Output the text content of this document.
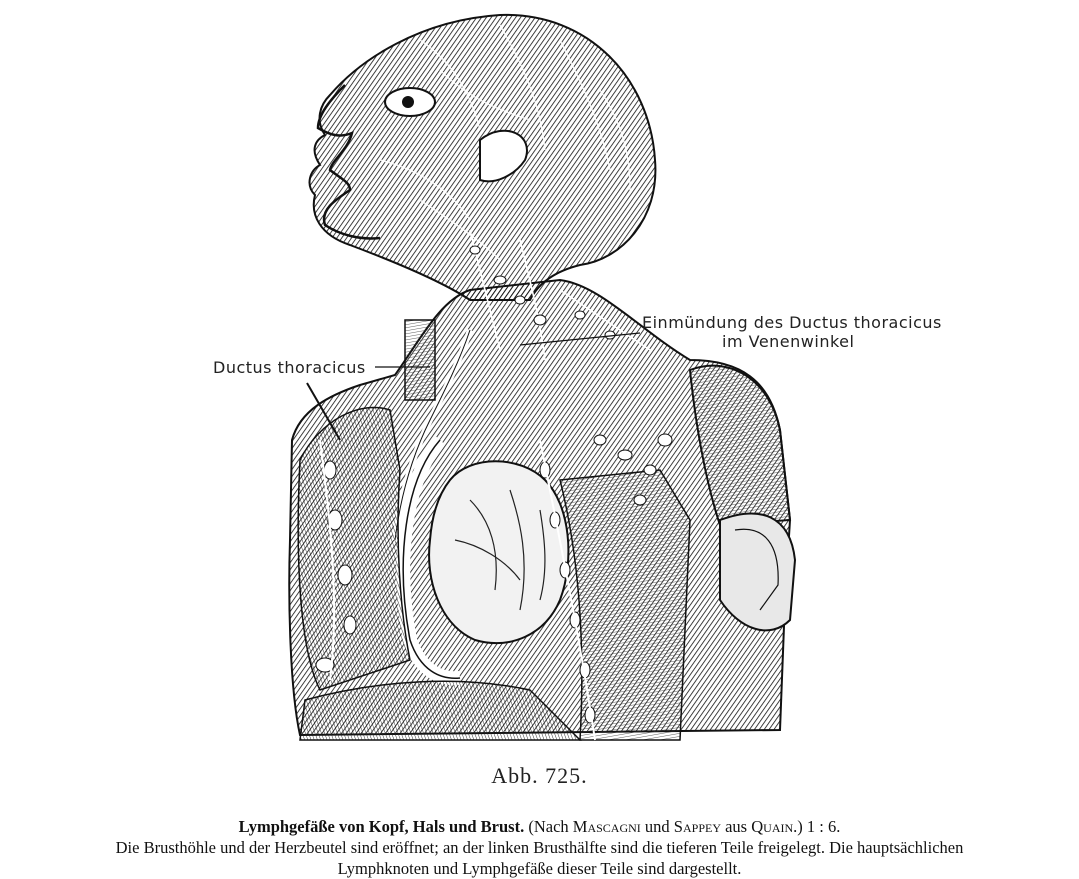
Ductus thoracicus
Einmündung des Ductus thoracicus
im Venenwinkel
Abb. 725.
Lymphgefäße von Kopf, Hals und Brust. (Nach Mascagni und Sappey aus Quain.) 1 : 6.
Die Brusthöhle und der Herzbeutel sind eröffnet; an der linken Brusthälfte sind die tieferen Teile freigelegt. Die hauptsächlichen
Lymphknoten und Lymphgefäße dieser Teile sind dargestellt.
